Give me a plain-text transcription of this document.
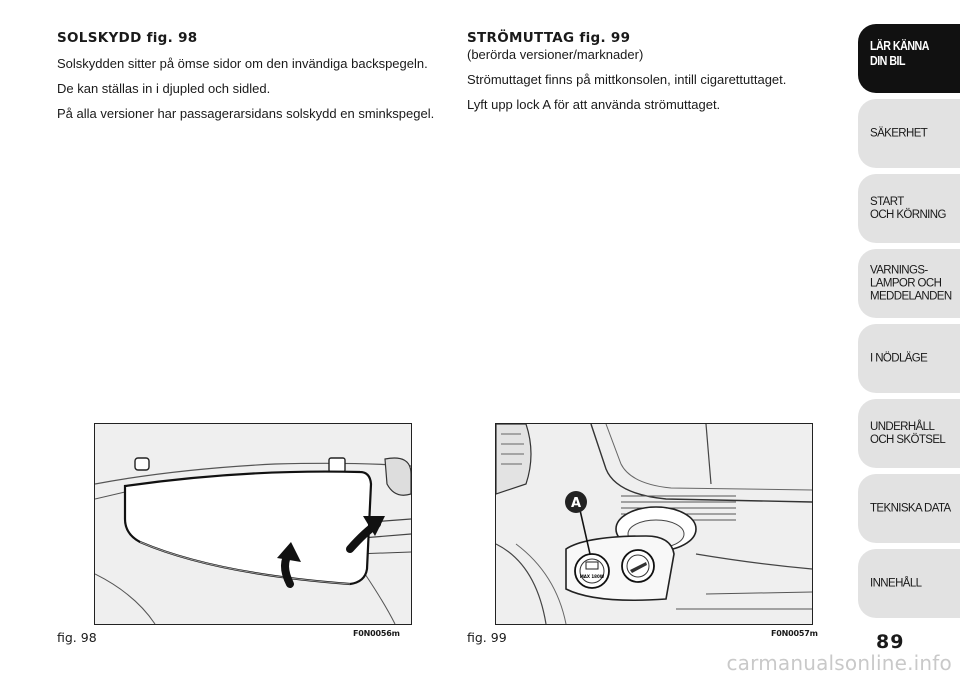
SOLSKYDD fig. 98

Solskydden sitter på ömse sidor om den invändiga backspegeln.

De kan ställas in i djupled och sidled.

På alla versioner har passagerarsidans solskydd en sminkspegel.

STRÖMUTTAG fig. 99

(berörda versioner/marknader)

Strömuttaget finns på mittkonsolen, intill cigarettuttaget.

Lyft upp lock A för att använda strömuttaget.

fig. 98	F0N0056m
MAX 180W
A
fig. 99	F0N0057m
LÄR KÄNNA
DIN BIL
SÄKERHET
START
OCH KÖRNING
VARNINGS-
LAMPOR OCH
MEDDELANDEN
I NÖDLÄGE
UNDERHÅLL
OCH SKÖTSEL
TEKNISKA DATA
INNEHÅLL
89
carmanualsonline.info
